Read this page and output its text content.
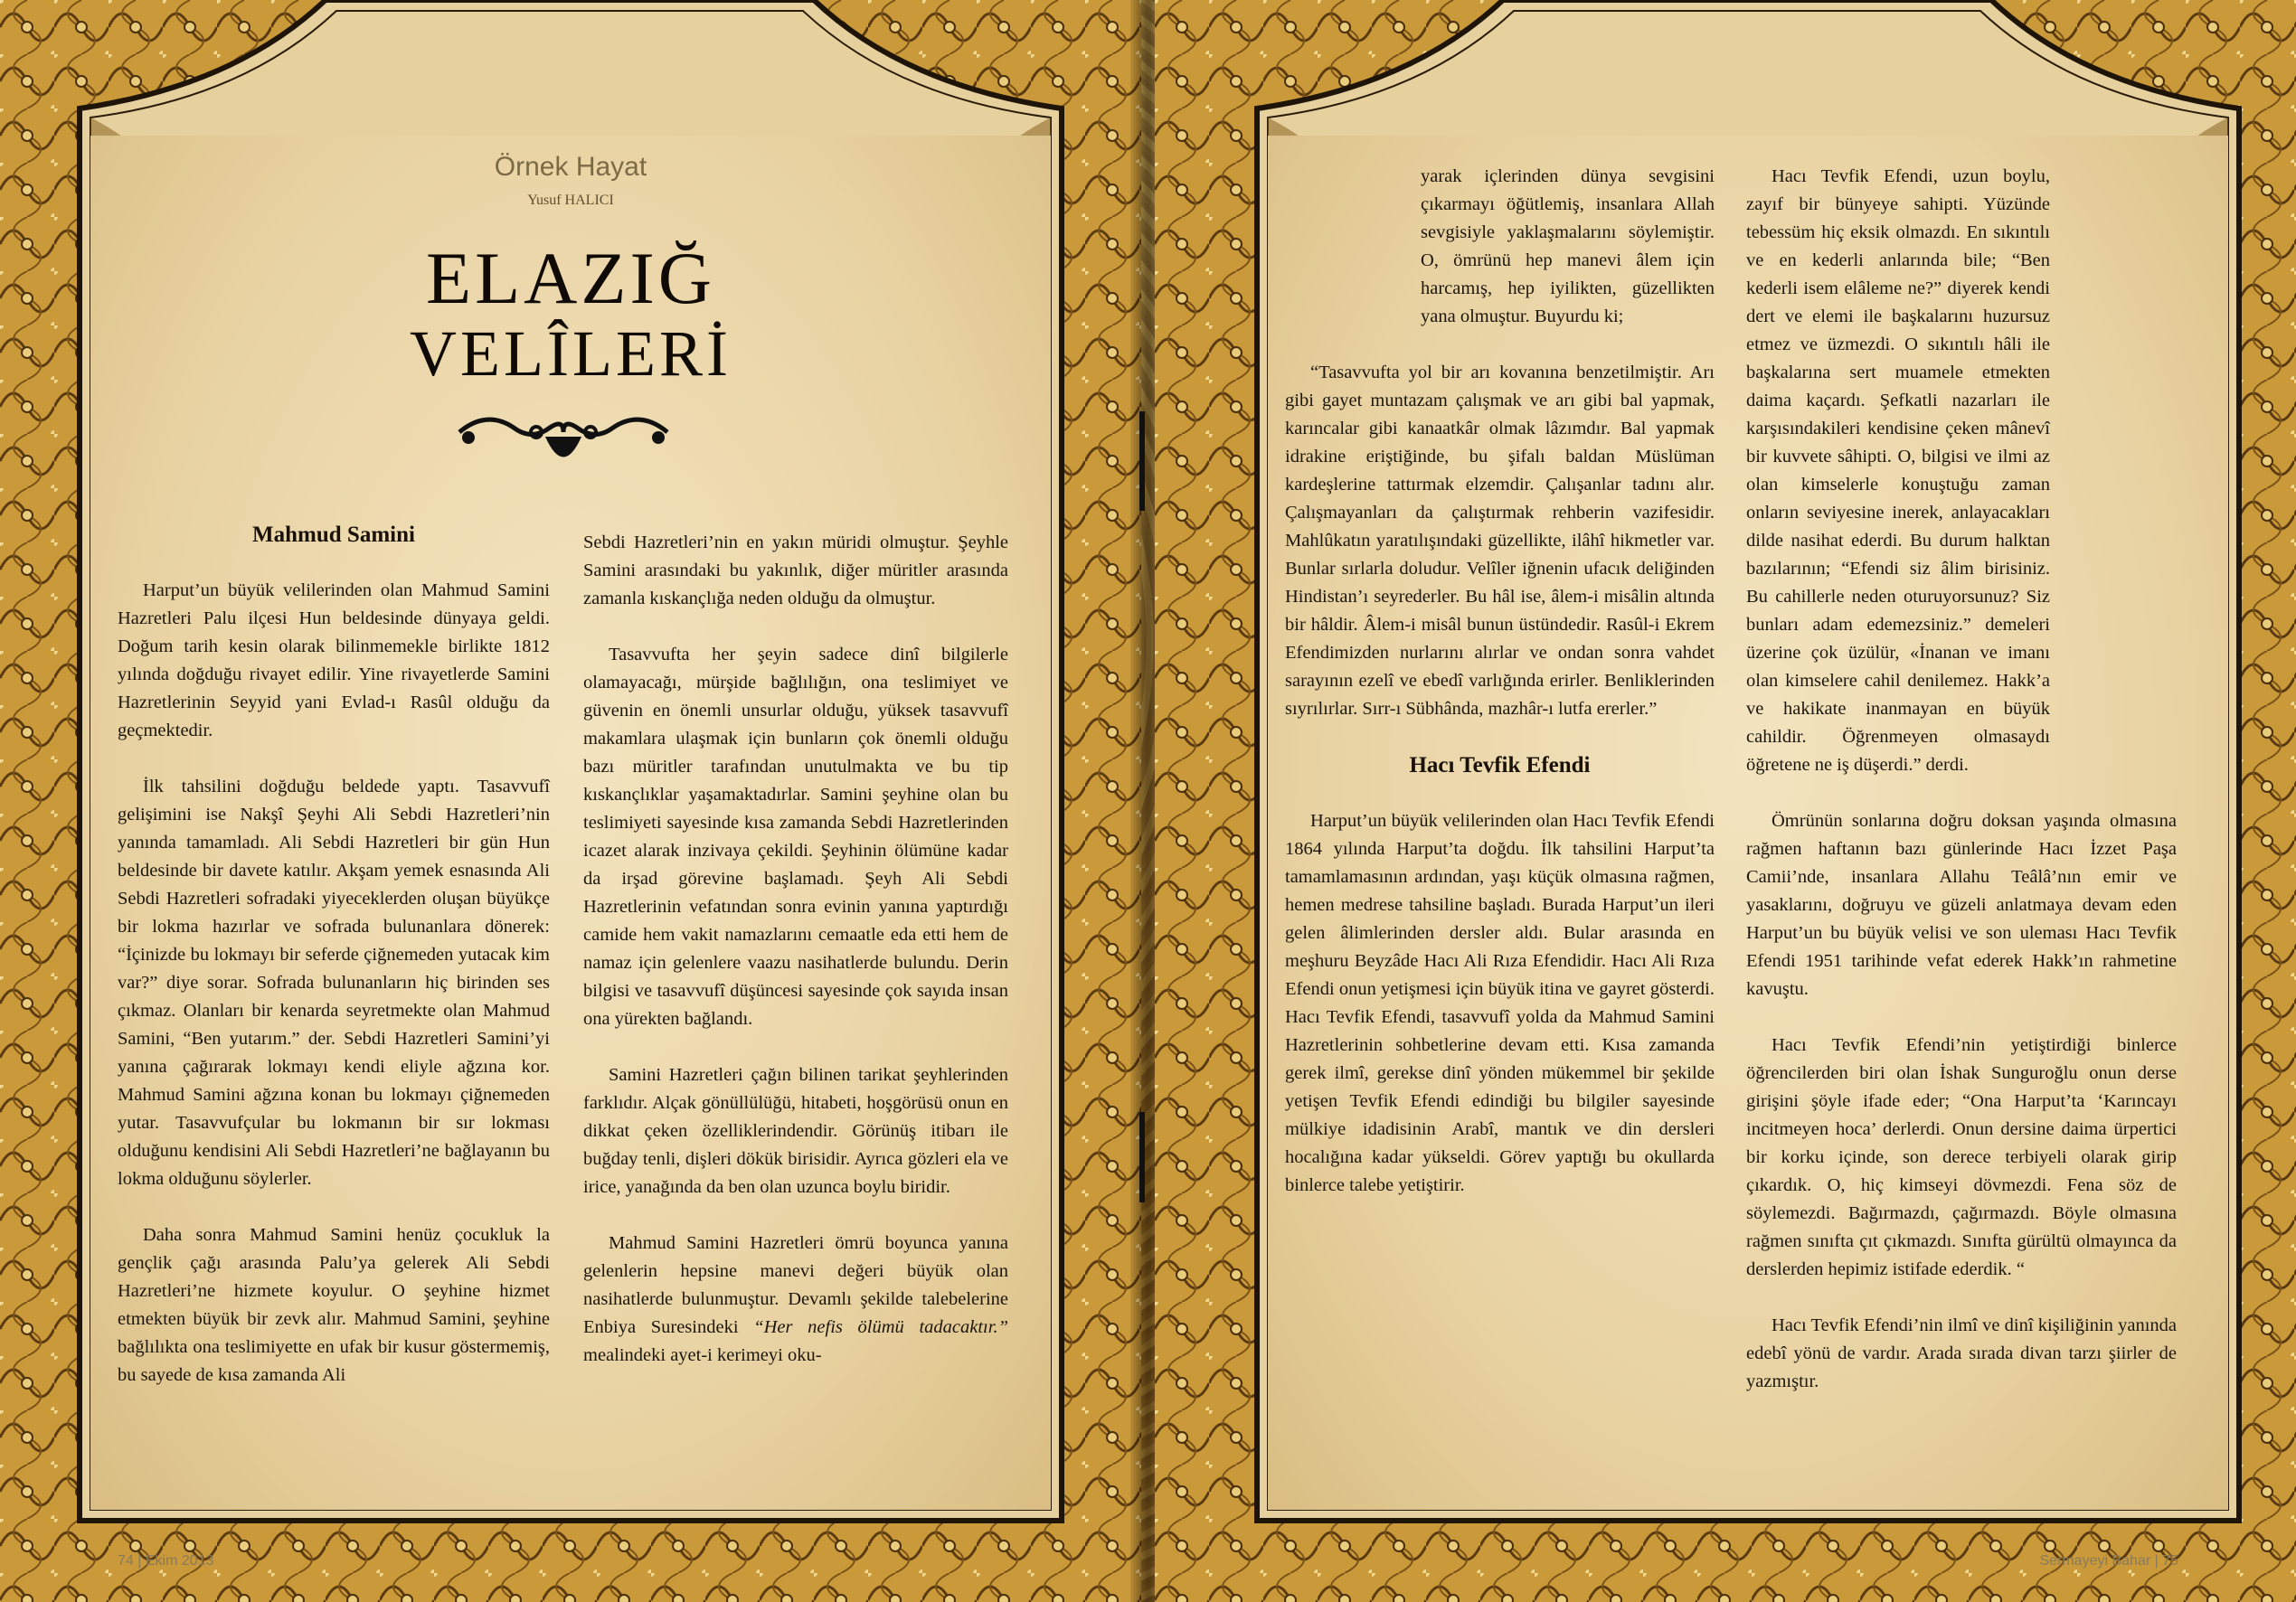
Örnek Hayat
Yusuf HALICI
ELAZIĞ
VELÎLERİ

Mahmud Samini

Harput’un büyük velilerinden olan Mahmud Samini Hazretleri Palu ilçesi Hun beldesinde dünyaya geldi. Doğum tarih kesin olarak bilinmemekle birlikte 1812 yılında doğduğu rivayet edilir. Yine rivayetlerde Samini Hazretlerinin Seyyid yani Evlad-ı Rasûl olduğu da geçmektedir.

İlk tahsilini doğduğu beldede yaptı. Tasavvufî gelişimini ise Nakşî Şeyhi Ali Sebdi Hazretleri’nin yanında tamamladı. Ali Sebdi Hazretleri bir gün Hun beldesinde bir davete katılır. Akşam yemek esnasında Ali Sebdi Hazretleri sofradaki yiyeceklerden oluşan büyükçe bir lokma hazırlar ve sofrada bulunanlara dönerek: “İçinizde bu lokmayı bir seferde çiğnemeden yutacak kim var?” diye sorar. Sofrada bulunanların hiç birinden ses çıkmaz. Olanları bir kenarda seyretmekte olan Mahmud Samini, “Ben yutarım.” der. Sebdi Hazretleri Samini’yi yanına çağırarak lokmayı kendi eliyle ağzına kor. Mahmud Samini ağzına konan bu lokmayı çiğnemeden yutar. Tasavvufçular bu lokmanın bir sır lokması olduğunu kendisini Ali Sebdi Hazretleri’ne bağlayanın bu lokma olduğunu söylerler.

Daha sonra Mahmud Samini henüz çocukluk la gençlik çağı arasında Palu’ya gelerek Ali Sebdi Hazretleri’ne hizmete koyulur. O şeyhine hizmet etmekten büyük bir zevk alır. Mahmud Samini, şeyhine bağlılıkta ona teslimiyette en ufak bir kusur göstermemiş, bu sayede de kısa zamanda Ali

Sebdi Hazretleri’nin en yakın müridi olmuştur. Şeyhle Samini arasındaki bu yakınlık, diğer müritler arasında zamanla kıskançlığa neden olduğu da olmuştur.

Tasavvufta her şeyin sadece dinî bilgilerle olamayacağı, mürşide bağlılığın, ona teslimiyet ve güvenin en önemli unsurlar olduğu, yüksek tasavvufî makamlara ulaşmak için bunların çok önemli olduğu bazı müritler tarafından unutulmakta ve bu tip kıskançlıklar yaşamaktadırlar. Samini şeyhine olan bu teslimiyeti sayesinde kısa zamanda Sebdi Hazretlerinden icazet alarak inzivaya çekildi. Şeyhinin ölümüne kadar da irşad görevine başlamadı. Şeyh Ali Sebdi Hazretlerinin vefatından sonra evinin yanına yaptırdığı camide hem vakit namazlarını cemaatle eda etti hem de namaz için gelenlere vaazu nasihatlerde bulundu. Derin bilgisi ve tasavvufî düşüncesi sayesinde çok sayıda insan ona yürekten bağlandı.

Samini Hazretleri çağın bilinen tarikat şeyhlerinden farklıdır. Alçak gönüllülüğü, hitabeti, hoşgörüsü onun en dikkat çeken özelliklerindendir. Görünüş itibarı ile buğday tenli, dişleri dökük birisidir. Ayrıca gözleri ela ve irice, yanağında da ben olan uzunca boylu biridir.

Mahmud Samini Hazretleri ömrü boyunca yanına gelenlerin hepsine manevi değeri büyük olan nasihatlerde bulunmuştur. Devamlı şekilde talebelerine Enbiya Suresindeki “Her nefis ölümü tadacaktır.” mealindeki ayet-i kerimeyi oku-

74 | Ekim 2013

yarak içlerinden dünya sevgisini çıkarmayı öğütlemiş, insanlara Allah sevgisiyle yaklaşmalarını söylemiştir. O, ömrünü hep manevi âlem için harcamış, hep iyilikten, güzellikten yana olmuştur. Buyurdu ki;

“Tasavvufta yol bir arı kovanına benzetilmiştir. Arı gibi gayet muntazam çalışmak ve arı gibi bal yapmak, karıncalar gibi kanaatkâr olmak lâzımdır. Bal yapmak idrakine eriştiğinde, bu şifalı baldan Müslüman kardeşlerine tattırmak elzemdir. Çalışanlar tadını alır. Çalışmayanları da çalıştırmak rehberin vazifesidir. Mahlûkatın yaratılışındaki güzellikte, ilâhî hikmetler var. Bunlar sırlarla doludur. Velîler iğnenin ufacık deliğinden Hindistan’ı seyrederler. Bu hâl ise, âlem-i misâlin altında bir hâldir. Âlem-i misâl bunun üstündedir. Rasûl-i Ekrem Efendimizden nurlarını alırlar ve ondan sonra vahdet sarayının ezelî ve ebedî varlığında erirler. Benliklerinden sıyrılırlar. Sırr-ı Sübhânda, mazhâr-ı lutfa ererler.”

Hacı Tevfik Efendi

Harput’un büyük velilerinden olan Hacı Tevfik Efendi 1864 yılında Harput’ta doğdu. İlk tahsilini Harput’ta tamamlamasının ardından, yaşı küçük olmasına rağmen, hemen medrese tahsiline başladı. Burada Harput’un ileri gelen âlimlerinden dersler aldı. Bular arasında en meşhuru Beyzâde Hacı Ali Rıza Efendidir. Hacı Ali Rıza Efendi onun yetişmesi için büyük itina ve gayret gösterdi. Hacı Tevfik Efendi, tasavvufî yolda da Mahmud Samini Hazretlerinin sohbetlerine devam etti. Kısa zamanda gerek ilmî, gerekse dinî yönden mükemmel bir şekilde yetişen Tevfik Efendi edindiği bu bilgiler sayesinde mülkiye idadisinin Arabî, mantık ve din dersleri hocalığına kadar yükseldi. Görev yaptığı bu okullarda binlerce talebe yetiştirir.

Hacı Tevfik Efendi, uzun boylu, zayıf bir bünyeye sahipti. Yüzünde tebessüm hiç eksik olmazdı. En sıkıntılı ve en kederli anlarında bile; “Ben kederli isem elâleme ne?” diyerek kendi dert ve elemi ile başkalarını huzursuz etmez ve üzmezdi. O sıkıntılı hâli ile başkalarına sert muamele etmekten daima kaçardı. Şefkatli nazarları ile karşısındakileri kendisine çeken mânevî bir kuvvete sâhipti. O, bilgisi ve ilmi az olan kimselerle konuştuğu zaman onların seviyesine inerek, anlayacakları dilde nasihat ederdi. Bu durum halktan bazılarının; “Efendi siz âlim birisiniz. Bu cahillerle neden oturuyorsunuz? Siz bunları adam edemezsiniz.” demeleri üzerine çok üzülür, «İnanan ve imanı olan kimselere cahil denilemez. Hakk’a ve hakikate inanmayan en büyük cahildir. Öğrenmeyen olmasaydı öğretene ne iş düşerdi.” derdi.

Ömrünün sonlarına doğru doksan yaşında olmasına rağmen haftanın bazı günlerinde Hacı İzzet Paşa Camii’nde, insanlara Allahu Teâlâ’nın emir ve yasaklarını, doğruyu ve güzeli anlatmaya devam eden Harput’un bu büyük velisi ve son uleması Hacı Tevfik Efendi 1951 tarihinde vefat ederek Hakk’ın rahmetine kavuştu.

Hacı Tevfik Efendi’nin yetiştirdiği binlerce öğrencilerden biri olan İshak Sunguroğlu onun derse girişini şöyle ifade eder; “Ona Harput’ta ‘Karıncayı incitmeyen hoca’ derlerdi. Onun dersine daima ürpertici bir korku içinde, son derece terbiyeli olarak girip çıkardık. O, hiç kimseyi dövmezdi. Fena söz de söylemezdi. Bağırmazdı, çağırmazdı. Böyle olmasına rağmen sınıfta çıt çıkmazdı. Sınıfta gürültü olmayınca da derslerden hepimiz istifade ederdik. “

Hacı Tevfik Efendi’nin ilmî ve dinî kişiliğinin yanında edebî yönü de vardır. Arada sırada divan tarzı şiirler de yazmıştır.

Sermayeyi Bahar | 75
